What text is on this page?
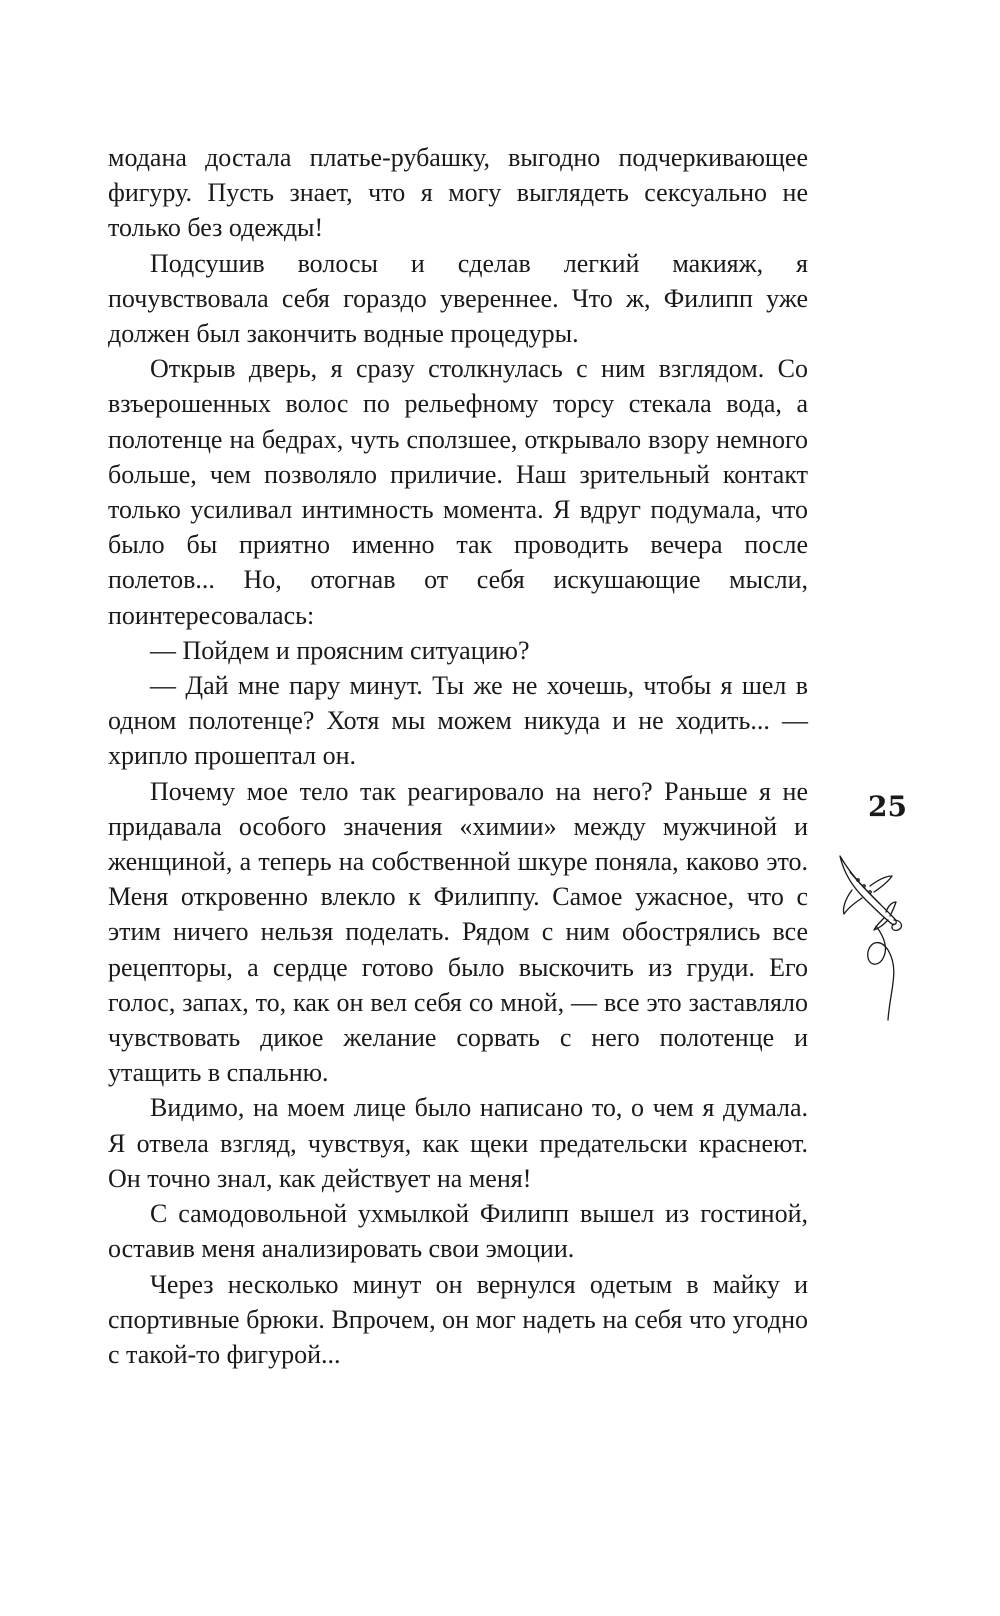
модана достала платье-рубашку, выгодно подчеркивающее фигуру. Пусть знает, что я могу выглядеть сексуально не только без одежды!

Подсушив волосы и сделав легкий макияж, я почувствовала себя гораздо увереннее. Что ж, Филипп уже должен был закончить водные процедуры.

Открыв дверь, я сразу столкнулась с ним взглядом. Со взъерошенных волос по рельефному торсу стекала вода, а полотенце на бедрах, чуть сползшее, открывало взору немного больше, чем позволяло приличие. Наш зрительный контакт только усиливал интимность момента. Я вдруг подумала, что было бы приятно именно так проводить вечера после полетов... Но, отогнав от себя искушающие мысли, поинтересовалась:

— Пойдем и проясним ситуацию?

— Дай мне пару минут. Ты же не хочешь, чтобы я шел в одном полотенце? Хотя мы можем никуда и не ходить... — хрипло прошептал он.

Почему мое тело так реагировало на него? Раньше я не придавала особого значения «химии» между мужчиной и женщиной, а теперь на собственной шкуре поняла, каково это. Меня откровенно влекло к Филиппу. Самое ужасное, что с этим ничего нельзя поделать. Рядом с ним обострялись все рецепторы, а сердце готово было выскочить из груди. Его голос, запах, то, как он вел себя со мной, — все это заставляло чувствовать дикое желание сорвать с него полотенце и утащить в спальню.

Видимо, на моем лице было написано то, о чем я думала. Я отвела взгляд, чувствуя, как щеки предательски краснеют. Он точно знал, как действует на меня!

С самодовольной ухмылкой Филипп вышел из гостиной, оставив меня анализировать свои эмоции.

Через несколько минут он вернулся одетым в майку и спортивные брюки. Впрочем, он мог надеть на себя что угодно с такой-то фигурой...

25
